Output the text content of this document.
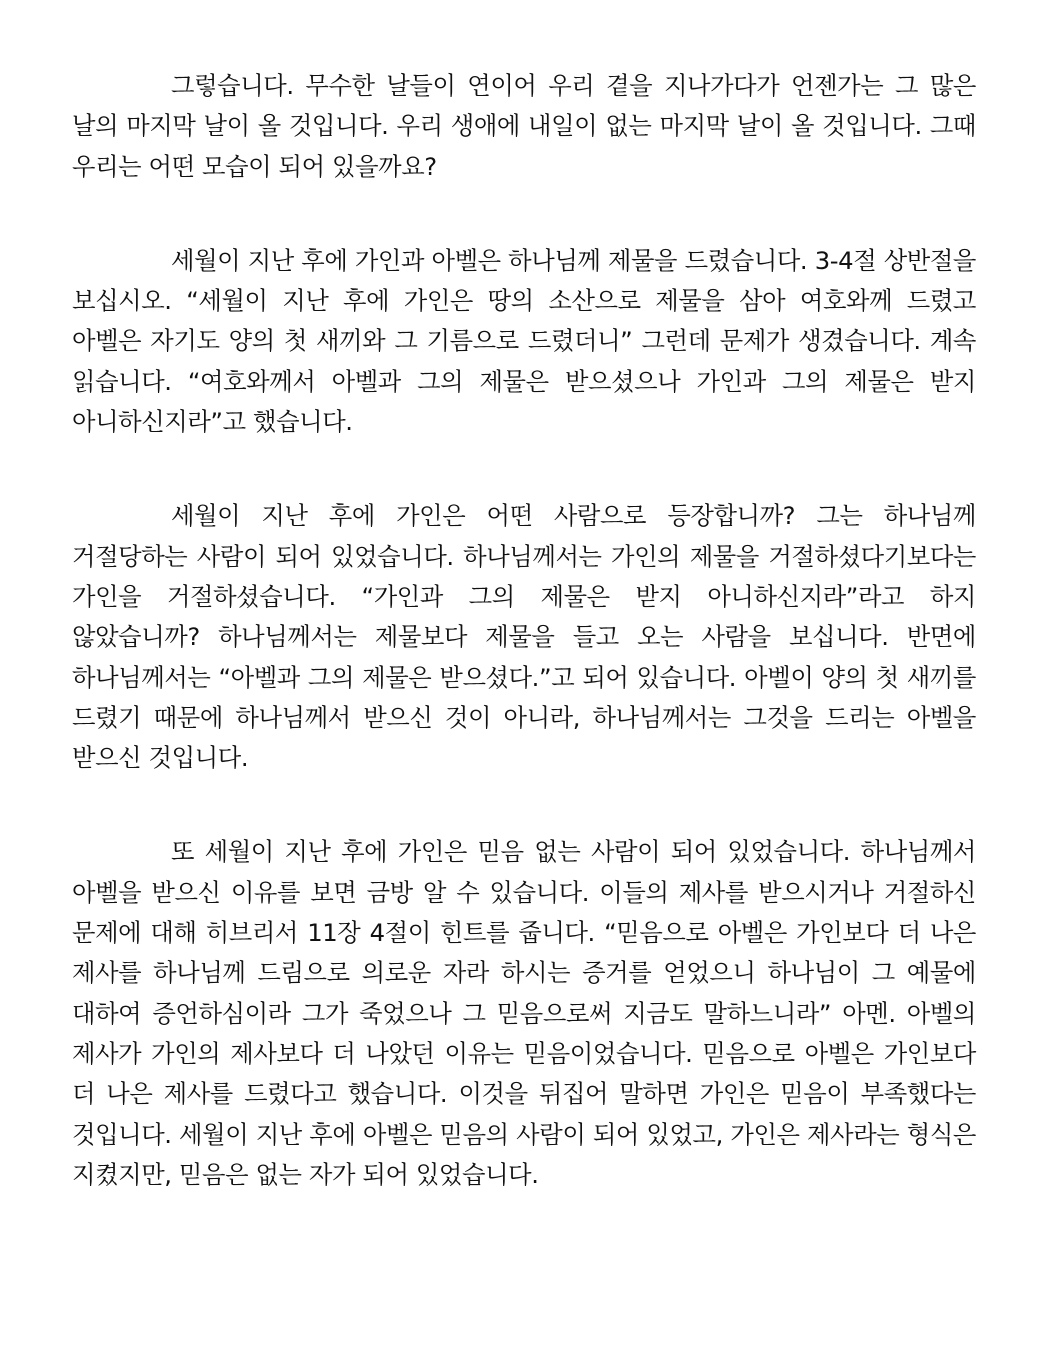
그렇습니다. 무수한 날들이 연이어 우리 곁을 지나가다가 언젠가는 그 많은 날의 마지막 날이 올 것입니다. 우리 생애에 내일이 없는 마지막 날이 올 것입니다. 그때 우리는 어떤 모습이 되어 있을까요?

세월이 지난 후에 가인과 아벨은 하나님께 제물을 드렸습니다. 3-4절 상반절을 보십시오. “세월이 지난 후에 가인은 땅의 소산으로 제물을 삼아 여호와께 드렸고 아벨은 자기도 양의 첫 새끼와 그 기름으로 드렸더니” 그런데 문제가 생겼습니다. 계속 읽습니다. “여호와께서 아벨과 그의 제물은 받으셨으나 가인과 그의 제물은 받지 아니하신지라”고 했습니다.

세월이 지난 후에 가인은 어떤 사람으로 등장합니까? 그는 하나님께 거절당하는 사람이 되어 있었습니다. 하나님께서는 가인의 제물을 거절하셨다기보다는 가인을 거절하셨습니다. “가인과 그의 제물은 받지 아니하신지라”라고 하지 않았습니까? 하나님께서는 제물보다 제물을 들고 오는 사람을 보십니다. 반면에 하나님께서는 “아벨과 그의 제물은 받으셨다.”고 되어 있습니다. 아벨이 양의 첫 새끼를 드렸기 때문에 하나님께서 받으신 것이 아니라, 하나님께서는 그것을 드리는 아벨을 받으신 것입니다.

또 세월이 지난 후에 가인은 믿음 없는 사람이 되어 있었습니다. 하나님께서 아벨을 받으신 이유를 보면 금방 알 수 있습니다. 이들의 제사를 받으시거나 거절하신 문제에 대해 히브리서 11장 4절이 힌트를 줍니다. “믿음으로 아벨은 가인보다 더 나은 제사를 하나님께 드림으로 의로운 자라 하시는 증거를 얻었으니 하나님이 그 예물에 대하여 증언하심이라 그가 죽었으나 그 믿음으로써 지금도 말하느니라” 아멘. 아벨의 제사가 가인의 제사보다 더 나았던 이유는 믿음이었습니다. 믿음으로 아벨은 가인보다 더 나은 제사를 드렸다고 했습니다. 이것을 뒤집어 말하면 가인은 믿음이 부족했다는 것입니다. 세월이 지난 후에 아벨은 믿음의 사람이 되어 있었고, 가인은 제사라는 형식은 지켰지만, 믿음은 없는 자가 되어 있었습니다.
